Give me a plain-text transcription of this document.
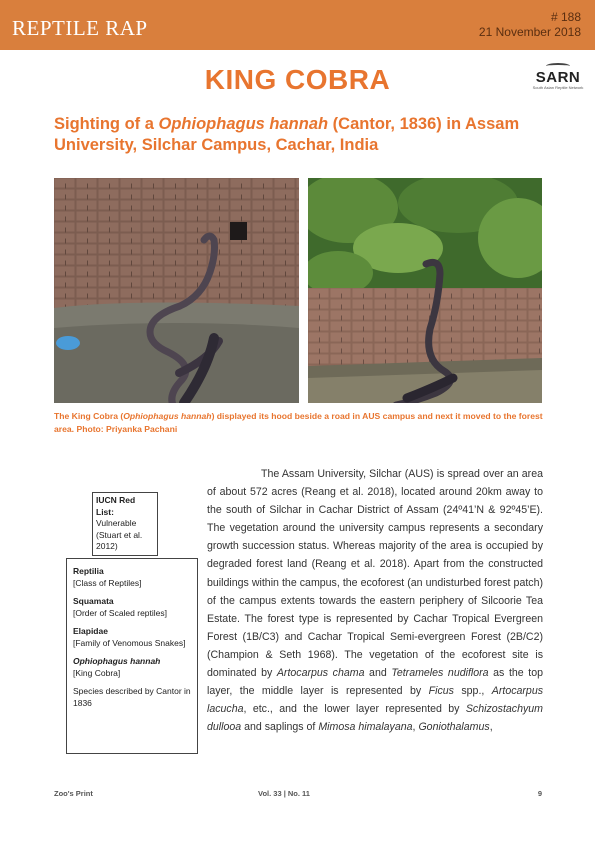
REPTILE RAP	# 188
21 November 2018
KING COBRA	SARN
South Asian Reptile Network
Sighting of a Ophiophagus hannah (Cantor, 1836) in Assam University, Silchar Campus, Cachar, India
The King Cobra (Ophiophagus hannah) displayed its hood beside a road in AUS campus and next it moved to the forest area. Photo: Priyanka Pachani
IUCN Red List:
Vulnerable
(Stuart et al. 2012)
Reptilia
[Class of Reptiles]
Squamata
[Order of Scaled reptiles]
Elapidae
[Family of Venomous Snakes]
Ophiophagus hannah
[King Cobra]
Species described by Cantor in 1836

The Assam University, Silchar (AUS) is spread over an area of about 572 acres (Reang et al. 2018), located around 20km away to the south of Silchar in Cachar District of Assam (24º41’N & 92º45’E). The vegetation around the university campus represents a secondary growth succession status. Whereas majority of the area is occupied by degraded forest land (Reang et al. 2018). Apart from the constructed buildings within the campus, the ecoforest (an undisturbed forest patch) of the campus extents towards the eastern periphery of Silcoorie Tea Estate. The forest type is represented by Cachar Tropical Evergreen Forest (1B/C3) and Cachar Tropical Semi-evergreen Forest (2B/C2) (Champion & Seth 1968). The vegetation of the ecoforest site is dominated by Artocarpus chama and Tetrameles nudiflora as the top layer, the middle layer is represented by Ficus spp., Artocarpus lacucha, etc., and the lower layer represented by Schizostachyum dullooa and saplings of Mimosa himalayana, Goniothalamus,

Zoo's Print	Vol. 33 | No. 11	9
